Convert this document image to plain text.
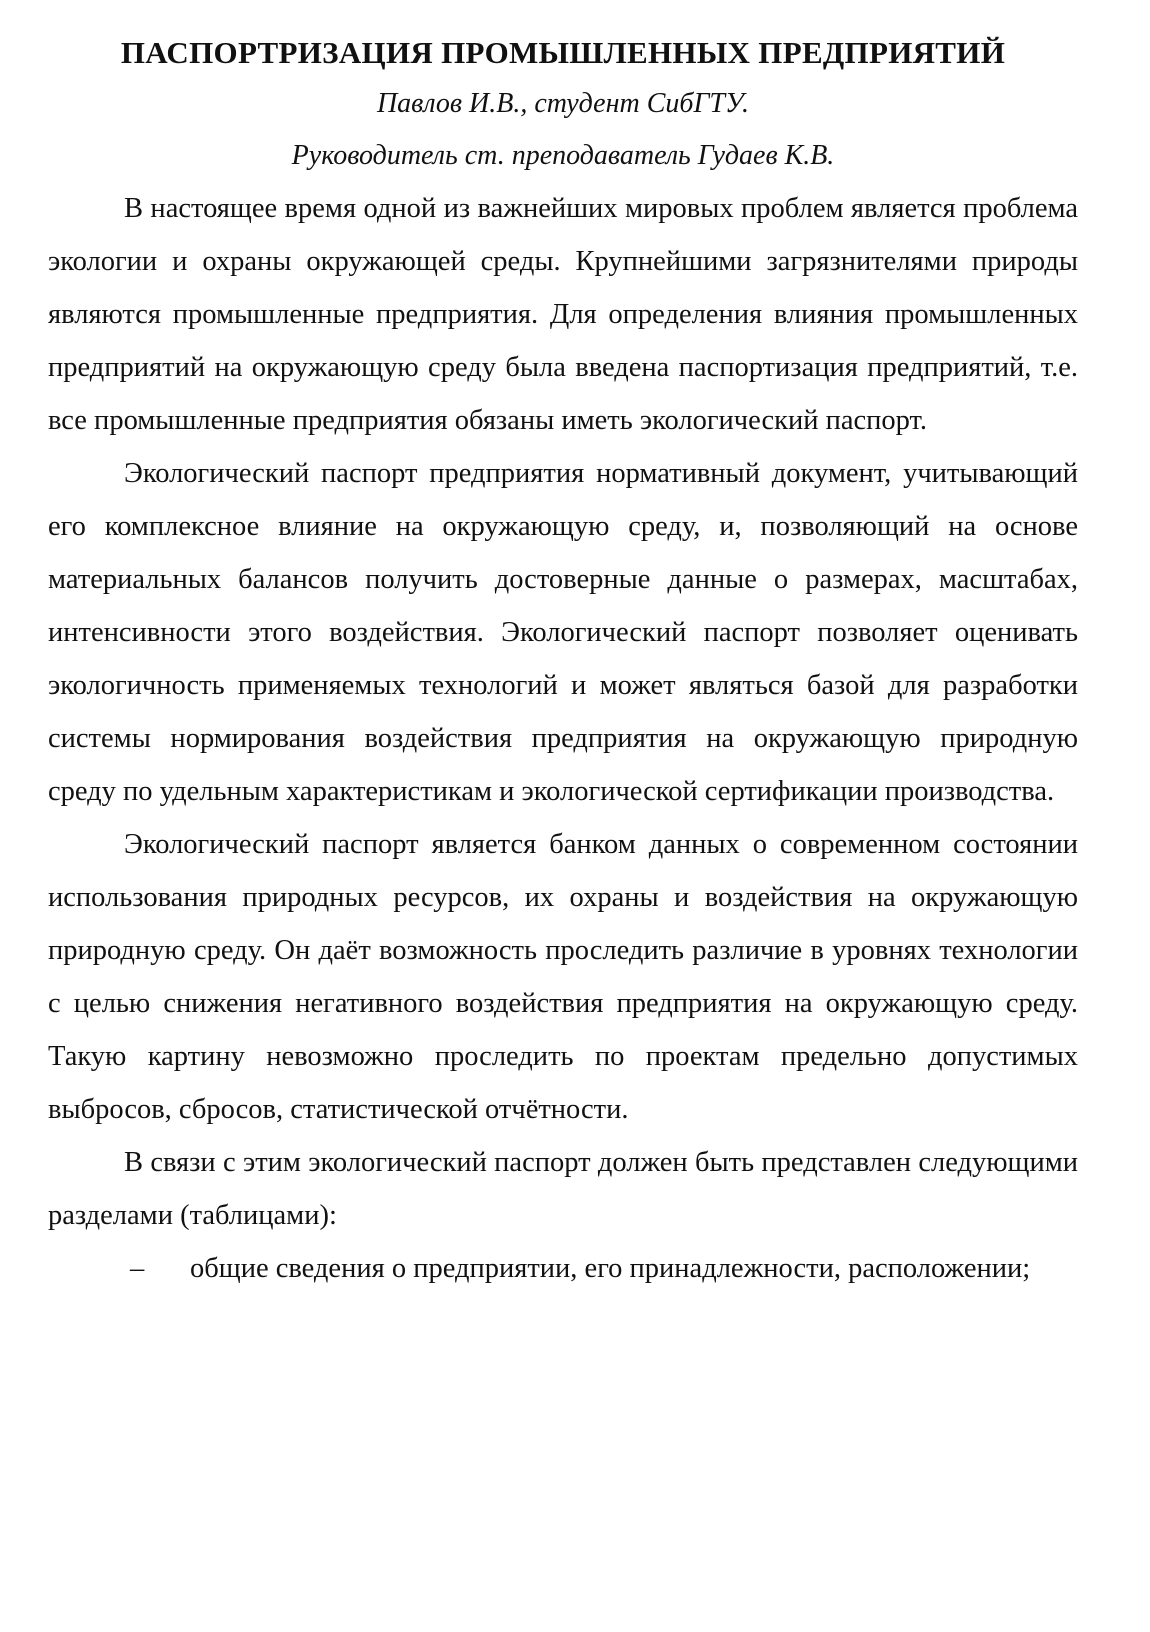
ПАСПОРТРИЗАЦИЯ ПРОМЫШЛЕННЫХ ПРЕДПРИЯТИЙ

Павлов И.В., студент СибГТУ.

Руководитель ст. преподаватель Гудаев К.В.

В настоящее время одной из важнейших мировых проблем является проблема экологии и охраны окружающей среды. Крупнейшими загрязнителями природы являются промышленные предприятия. Для определения влияния промышленных предприятий на окружающую среду была введена паспортизация предприятий, т.е. все промышленные предприятия обязаны иметь экологический паспорт.

Экологический паспорт предприятия нормативный документ, учитывающий его комплексное влияние на окружающую среду, и, позволяющий на основе материальных балансов получить достоверные данные о размерах, масштабах, интенсивности этого воздействия. Экологический паспорт позволяет оценивать экологичность применяемых технологий и может являться базой для разработки системы нормирования воздействия предприятия на окружающую природную среду по удельным характеристикам и экологической сертификации производства.

Экологический паспорт является банком данных о современном состоянии использования природных ресурсов, их охраны и воздействия на окружающую природную среду. Он даёт возможность проследить различие в уровнях технологии с целью снижения негативного воздействия предприятия на окружающую среду. Такую картину невозможно проследить по проектам предельно допустимых выбросов, сбросов, статистической отчётности.

В связи с этим экологический паспорт должен быть представлен следующими разделами (таблицами):

– общие сведения о предприятии, его принадлежности, расположении;
